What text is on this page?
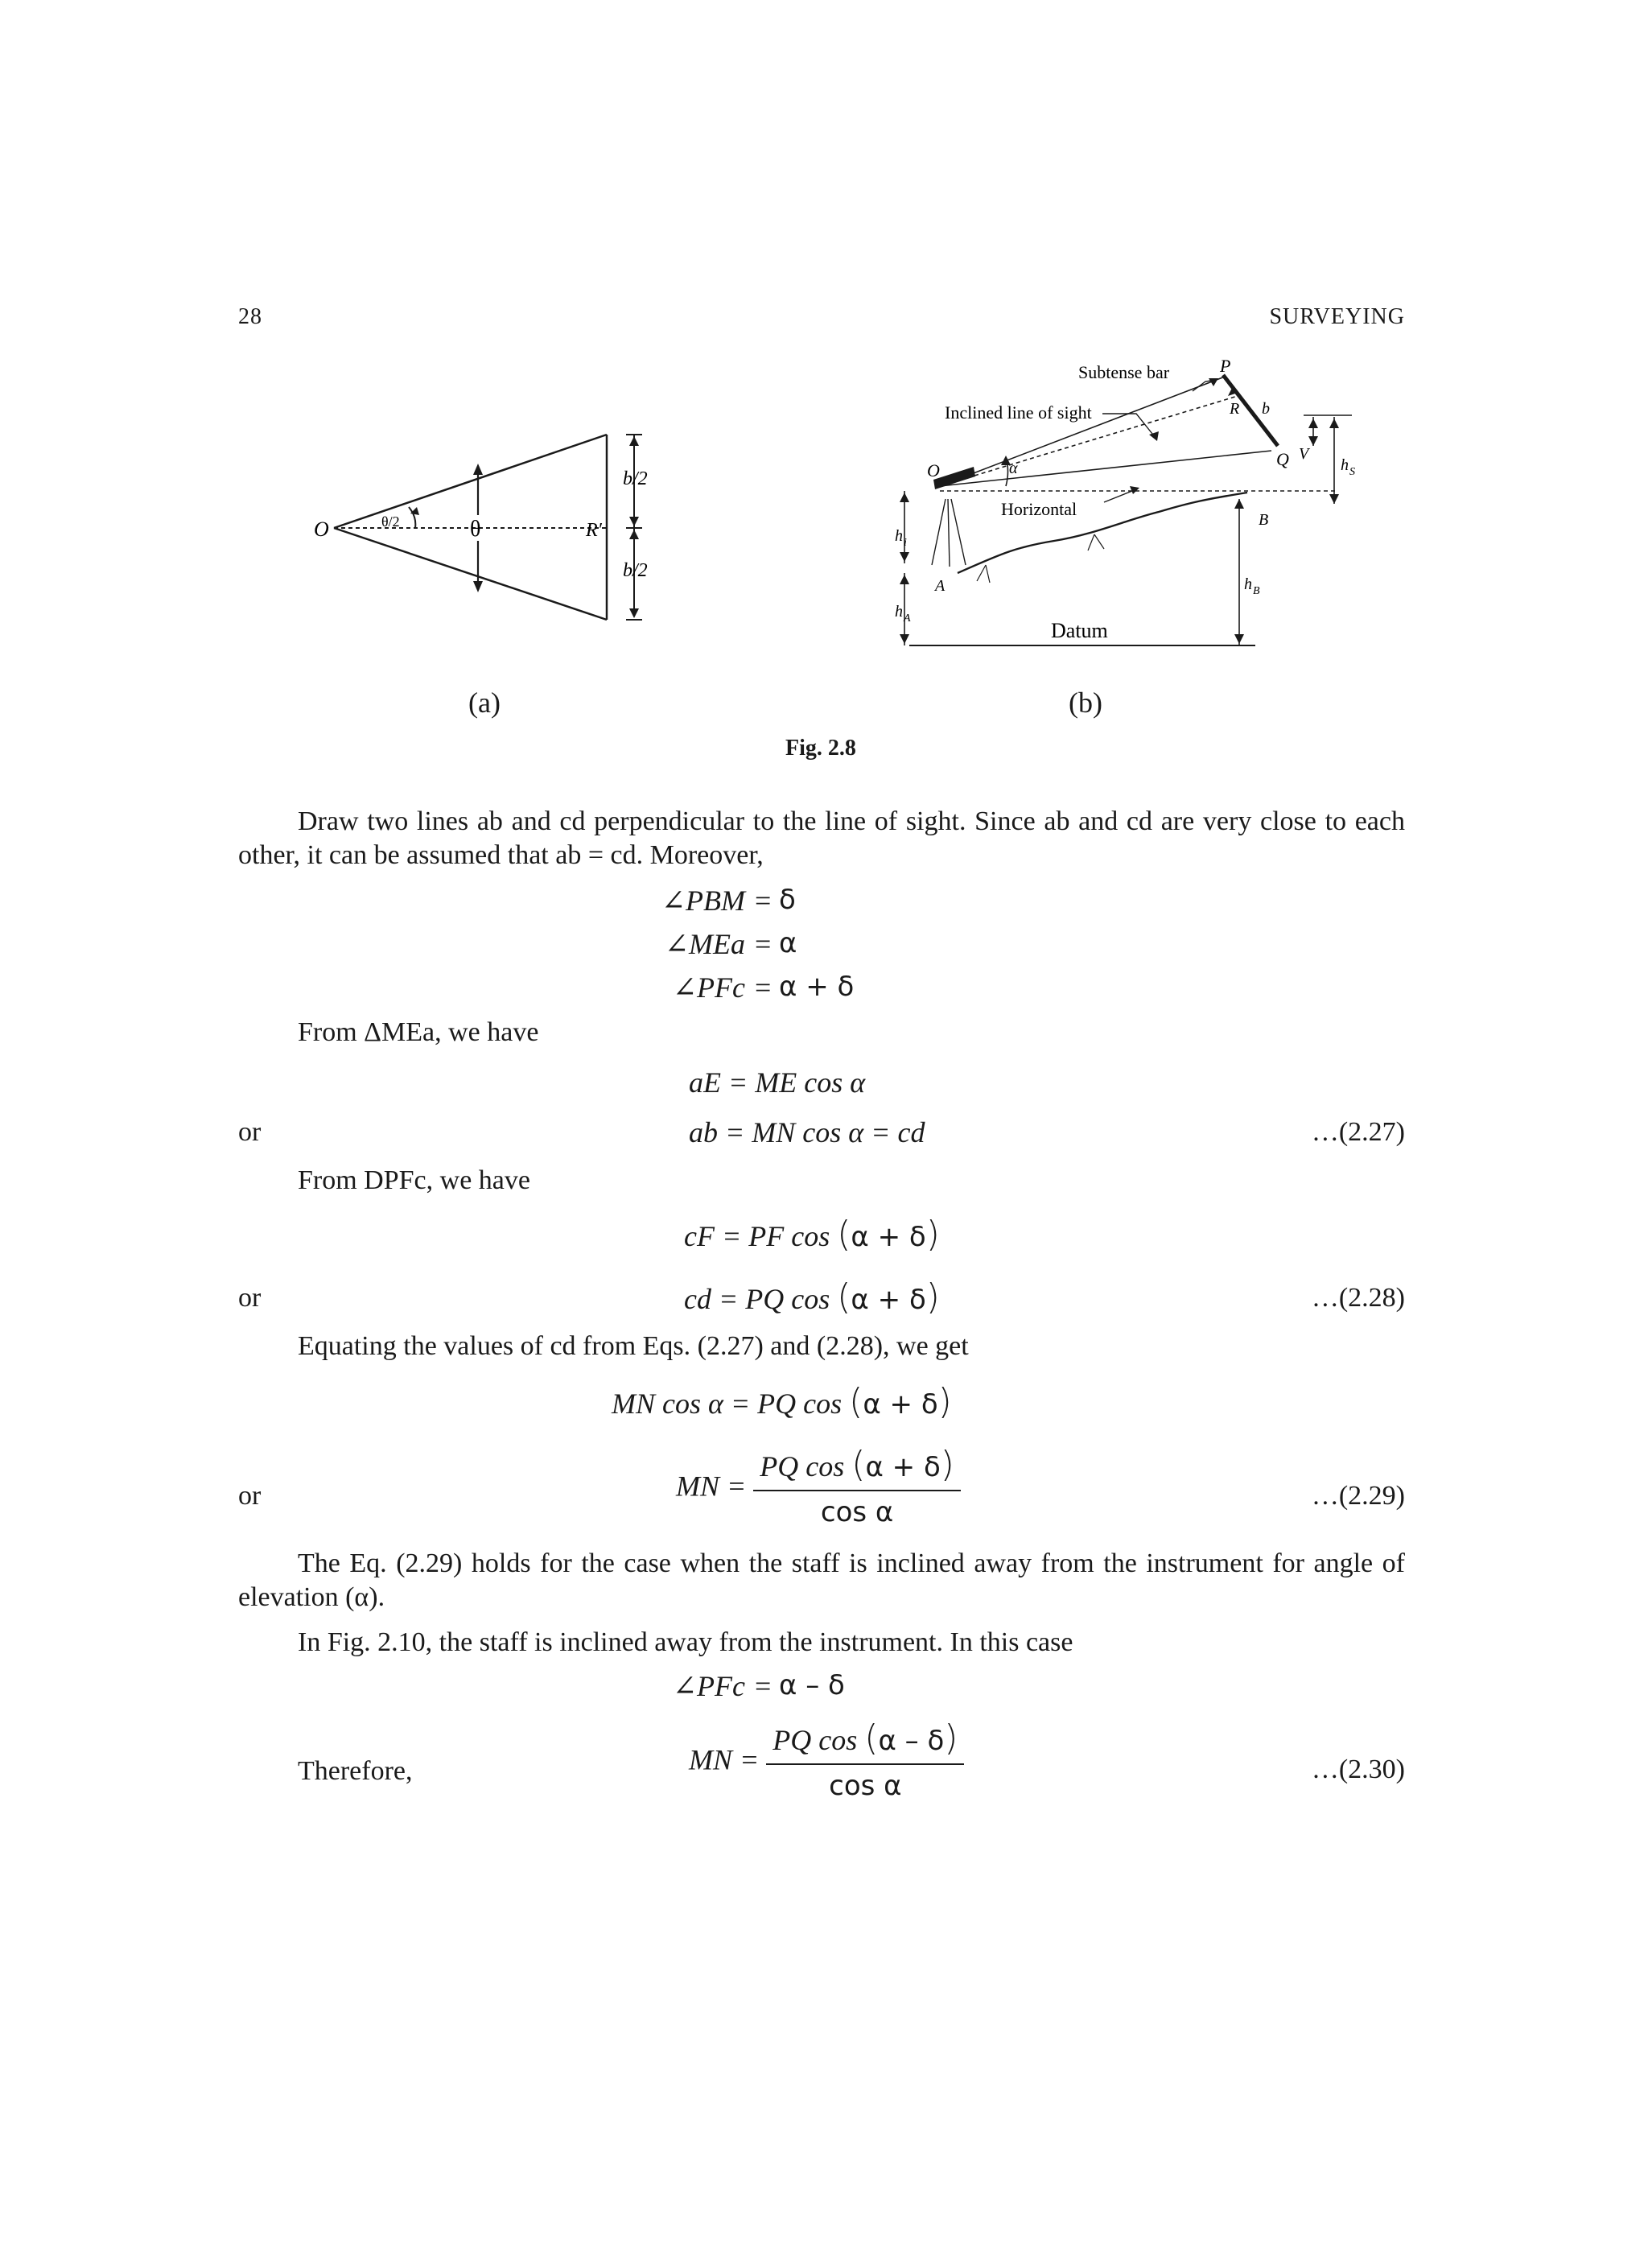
28	SURVEYING
O	θ/2	θ	R′
b/2
b/2
(a)
Subtense bar
Inclined line of sight
Horizontal
Datum
O
P
R b
Q V
h S
α
B
A
h i
h A
h B
(b)
Fig. 2.8
Draw two lines ab and cd perpendicular to the line of sight. Since ab and cd are very close to each other, it can be assumed that ab = cd. Moreover,
∠PBM = δ
∠MEa = α
∠PFc = α + δ
From ΔMEa, we have
aE = ME cos α
or	ab = MN cos α = cd	…(2.27)
From DPFc, we have
cF = PF cos (α + δ)
or	cd = PQ cos (α + δ)	…(2.28)
Equating the values of cd from Eqs. (2.27) and (2.28), we get
MN cos α = PQ cos (α + δ)
or	MN = $\frac{\text{PQ cos (α + δ)}}{\text{cos α}}$	…(2.29)
The Eq. (2.29) holds for the case when the staff is inclined away from the instrument for angle of elevation (α).
In Fig. 2.10, the staff is inclined away from the instrument. In this case
∠PFc = α – δ
Therefore,	MN = $\frac{\text{PQ cos (α – δ)}}{\text{cos α}}$	…(2.30)
